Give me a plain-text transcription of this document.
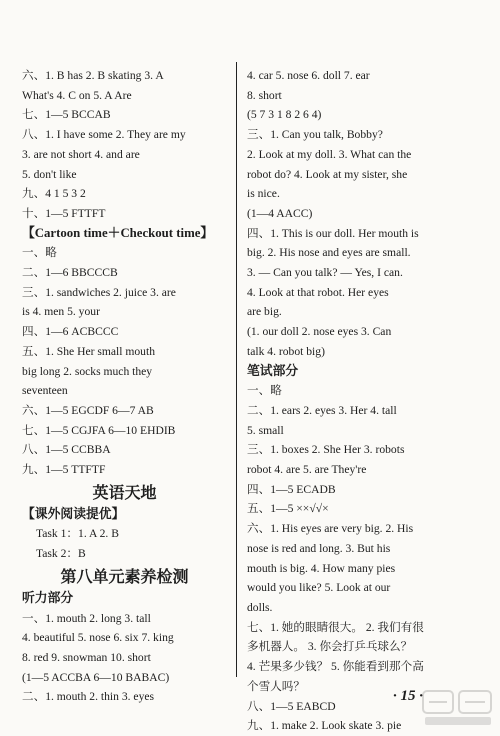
六、1. B has 2. B skating 3. A
What's 4. C on 5. A Are
七、1—5 BCCAB
八、1. I have some 2. They are my
3. are not short 4. and are
5. don't like
九、4 1 5 3 2
十、1—5 FTTFT
【Cartoon time＋Checkout time】
一、略
二、1—6 BBCCCB
三、1. sandwiches 2. juice 3. are
is 4. men 5. your
四、1—6 ACBCCC
五、1. She Her small mouth
big long 2. socks much they
seventeen
六、1—5 EGCDF 6—7 AB
七、1—5 CGJFA 6—10 EHDIB
八、1—5 CCBBA
九、1—5 TTFTF
英语天地
【课外阅读提优】
Task 1：1. A 2. B
Task 2：B
第八单元素养检测
听力部分
一、1. mouth 2. long 3. tall
4. beautiful 5. nose 6. six 7. king
8. red 9. snowman 10. short
(1—5 ACCBA 6—10 BABAC)
二、1. mouth 2. thin 3. eyes
4. car 5. nose 6. doll 7. ear
8. short
(5 7 3 1 8 2 6 4)
三、1. Can you talk, Bobby?
2. Look at my doll. 3. What can the
robot do? 4. Look at my sister, she
is nice.
(1—4 AACC)
四、1. This is our doll. Her mouth is
big. 2. His nose and eyes are small.
3. — Can you talk? — Yes, I can.
4. Look at that robot. Her eyes
are big.
(1. our doll 2. nose eyes 3. Can
talk 4. robot big)
笔试部分
一、略
二、1. ears 2. eyes 3. Her 4. tall
5. small
三、1. boxes 2. She Her 3. robots
robot 4. are 5. are They're
四、1—5 ECADB
五、1—5 ××√√×
六、1. His eyes are very big. 2. His
nose is red and long. 3. But his
mouth is big. 4. How many pies
would you like? 5. Look at our
dolls.
七、1. 她的眼睛很大。 2. 我们有很
多机器人。 3. 你会打乒乓球么？
4. 芒果多少钱？ 5. 你能看到那个高
个雪人吗？
八、1—5 EABCD
九、1. make 2. Look skate 3. pie
· 15 ·
